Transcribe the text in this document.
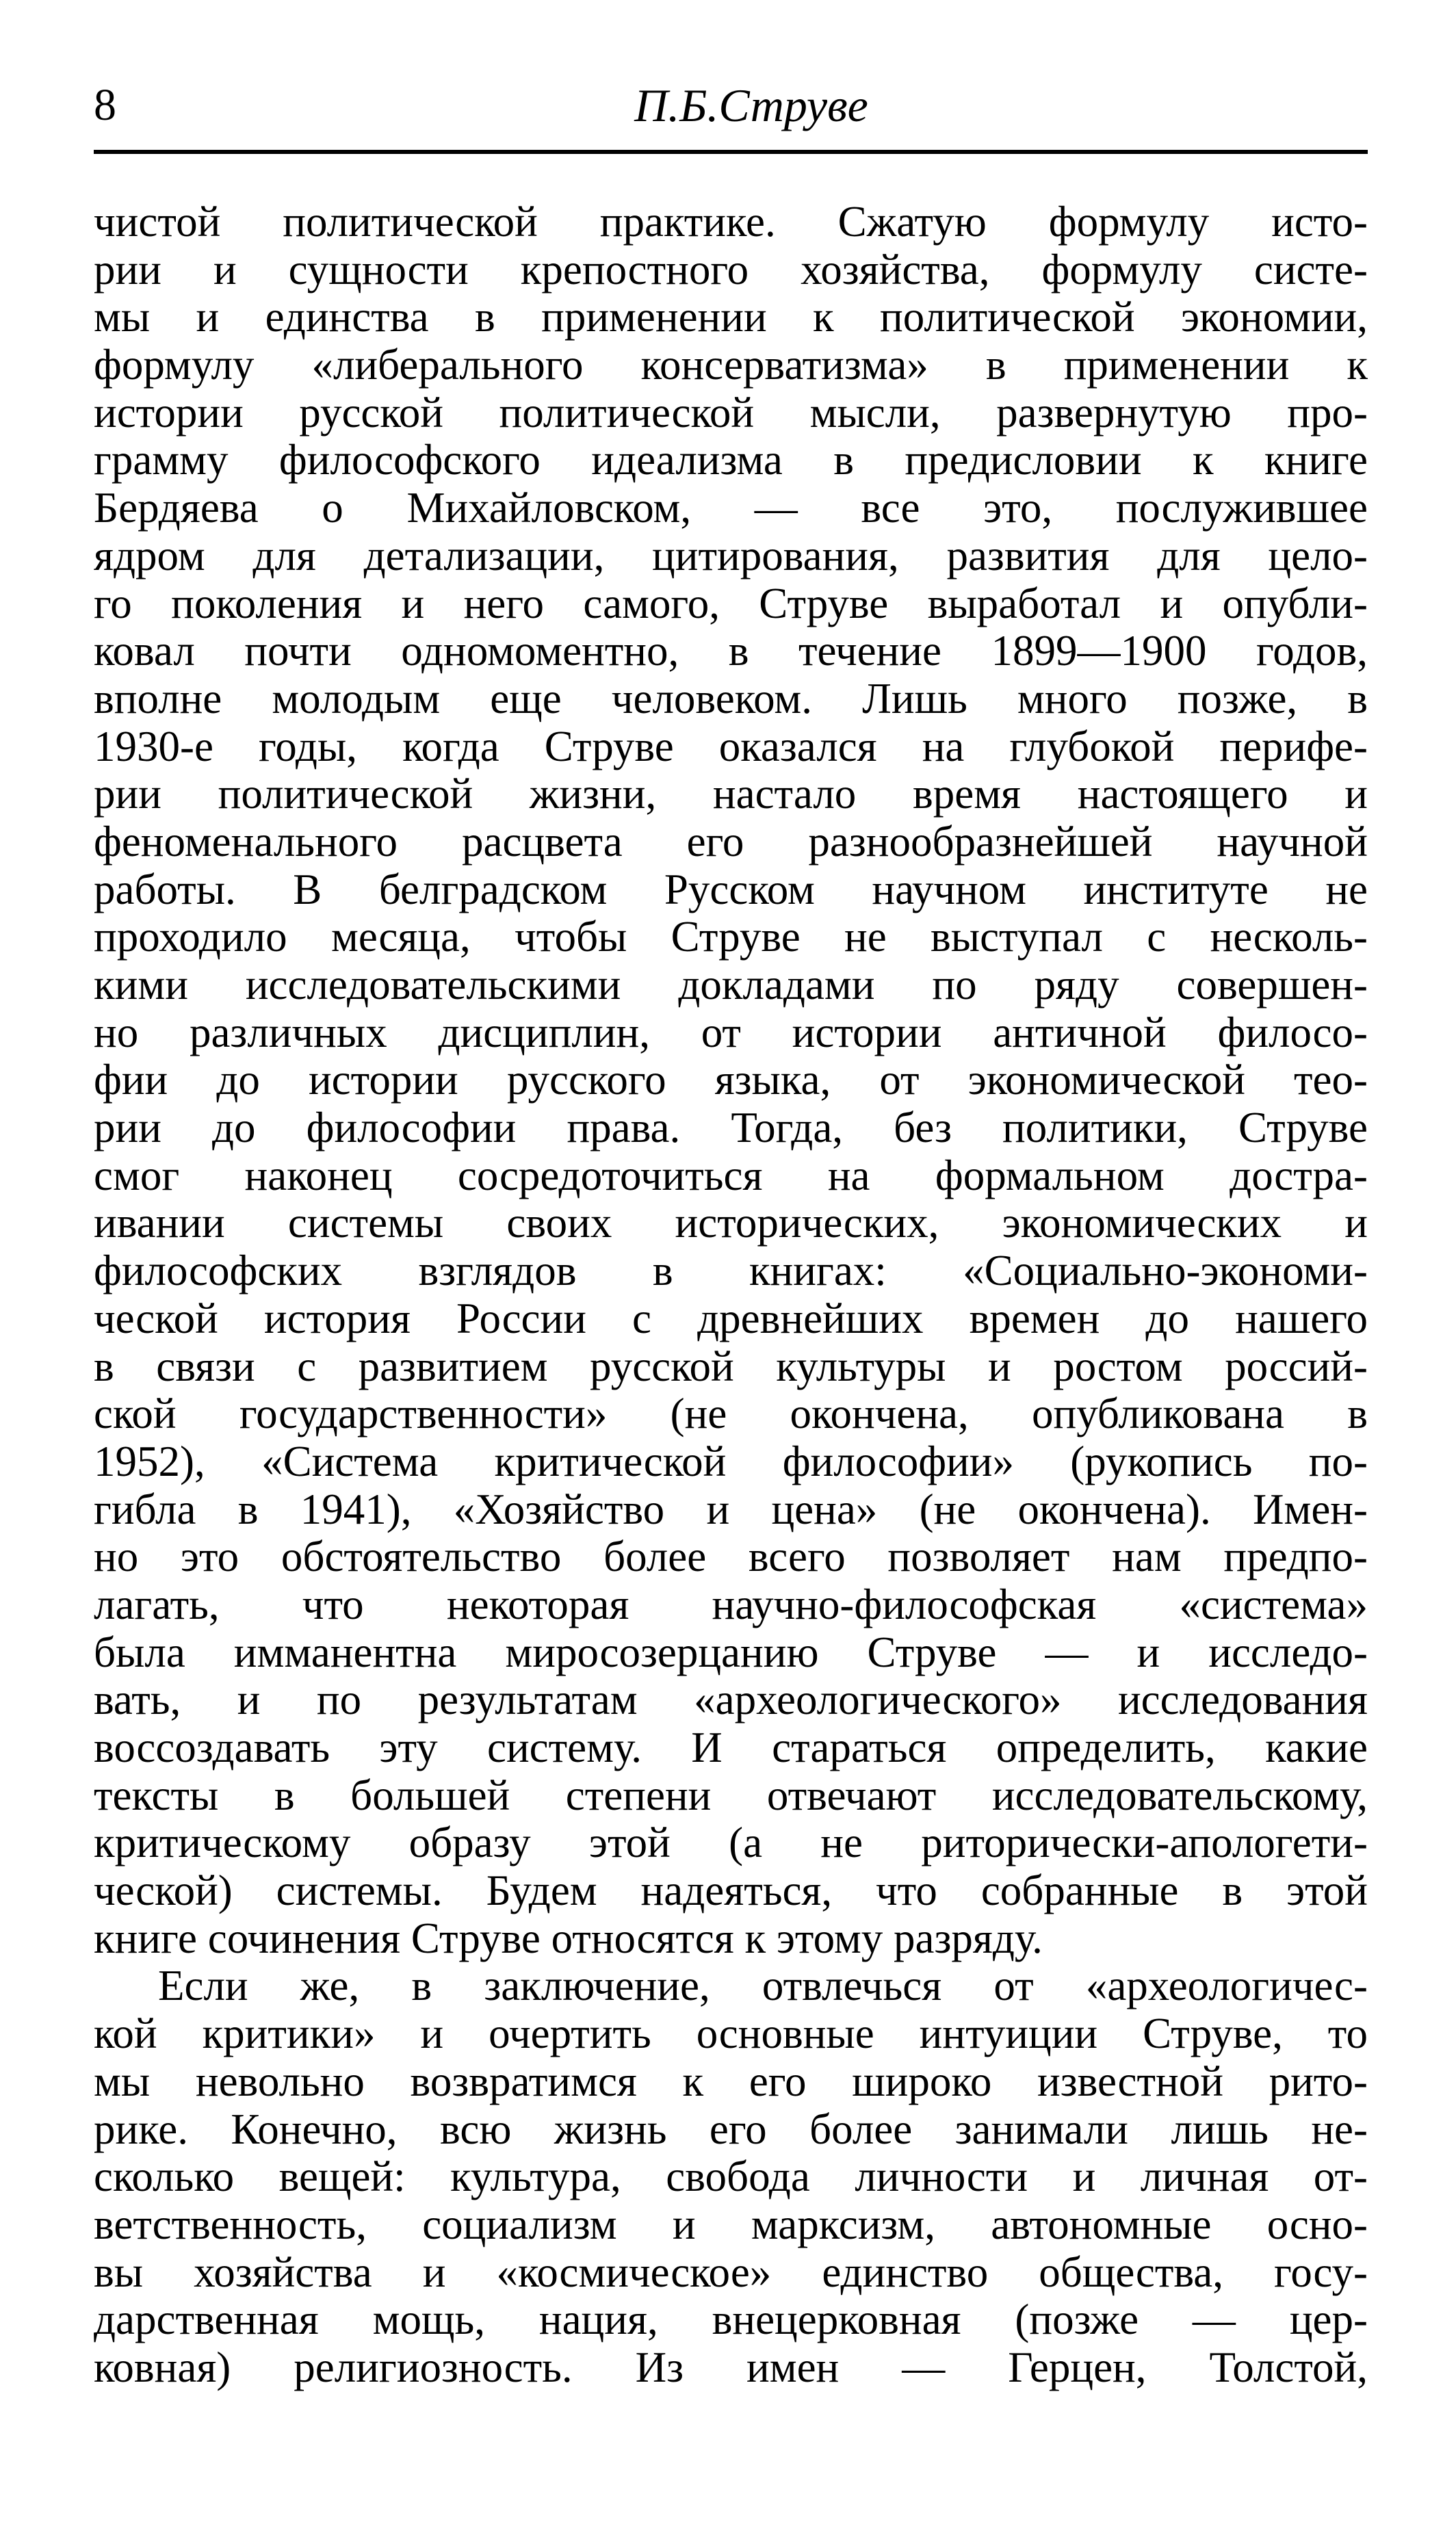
8	П.Б.Струве
чистой политической практике. Сжатую формулу исто-
рии и сущности крепостного хозяйства, формулу систе-
мы и единства в применении к политической экономии,
формулу «либерального консерватизма» в применении к
истории русской политической мысли, развернутую про-
грамму философского идеализма в предисловии к книге
Бердяева о Михайловском, — все это, послужившее
ядром для детализации, цитирования, развития для цело-
го поколения и него самого, Струве выработал и опубли-
ковал почти одномоментно, в течение 1899—1900 годов,
вполне молодым еще человеком. Лишь много позже, в
1930-е годы, когда Струве оказался на глубокой перифе-
рии политической жизни, настало время настоящего и
феноменального расцвета его разнообразнейшей научной
работы. В белградском Русском научном институте не
проходило месяца, чтобы Струве не выступал с несколь-
кими исследовательскими докладами по ряду совершен-
но различных дисциплин, от истории античной филосо-
фии до истории русского языка, от экономической тео-
рии до философии права. Тогда, без политики, Струве
смог наконец сосредоточиться на формальном достра-
ивании системы своих исторических, экономических и
философских взглядов в книгах: «Социально-экономи-
ческой история России с древнейших времен до нашего
в связи с развитием русской культуры и ростом россий-
ской государственности» (не окончена, опубликована в
1952), «Система критической философии» (рукопись по-
гибла в 1941), «Хозяйство и цена» (не окончена). Имен-
но это обстоятельство более всего позволяет нам предпо-
лагать, что некоторая научно-философская «система»
была имманентна миросозерцанию Струве — и исследо-
вать, и по результатам «археологического» исследования
воссоздавать эту систему. И стараться определить, какие
тексты в большей степени отвечают исследовательскому,
критическому образу этой (а не риторически-апологети-
ческой) системы. Будем надеяться, что собранные в этой
книге сочинения Струве относятся к этому разряду.
Если же, в заключение, отвлечься от «археологичес-
кой критики» и очертить основные интуиции Струве, то
мы невольно возвратимся к его широко известной рито-
рике. Конечно, всю жизнь его более занимали лишь не-
сколько вещей: культура, свобода личности и личная от-
ветственность, социализм и марксизм, автономные осно-
вы хозяйства и «космическое» единство общества, госу-
дарственная мощь, нация, внецерковная (позже — цер-
ковная) религиозность. Из имен — Герцен, Толстой,
